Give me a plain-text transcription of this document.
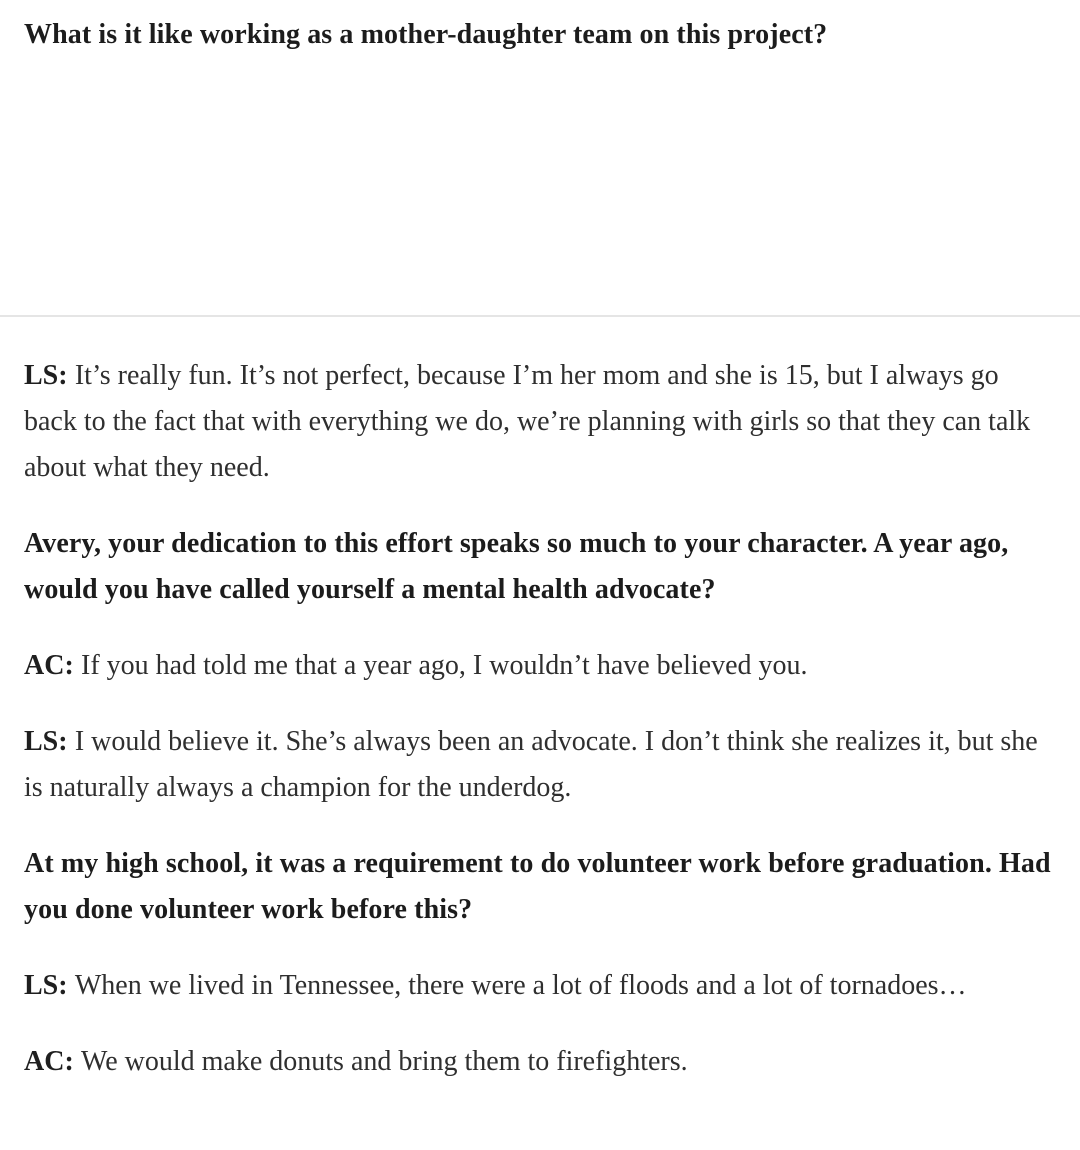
What is it like working as a mother-daughter team on this project?

LS: It’s really fun. It’s not perfect, because I’m her mom and she is 15, but I always go back to the fact that with everything we do, we’re planning with girls so that they can talk about what they need.

Avery, your dedication to this effort speaks so much to your character. A year ago, would you have called yourself a mental health advocate?

AC: If you had told me that a year ago, I wouldn’t have believed you.

LS: I would believe it. She’s always been an advocate. I don’t think she realizes it, but she is naturally always a champion for the underdog.

At my high school, it was a requirement to do volunteer work before graduation. Had you done volunteer work before this?

LS: When we lived in Tennessee, there were a lot of floods and a lot of tornadoes…

AC: We would make donuts and bring them to firefighters.
